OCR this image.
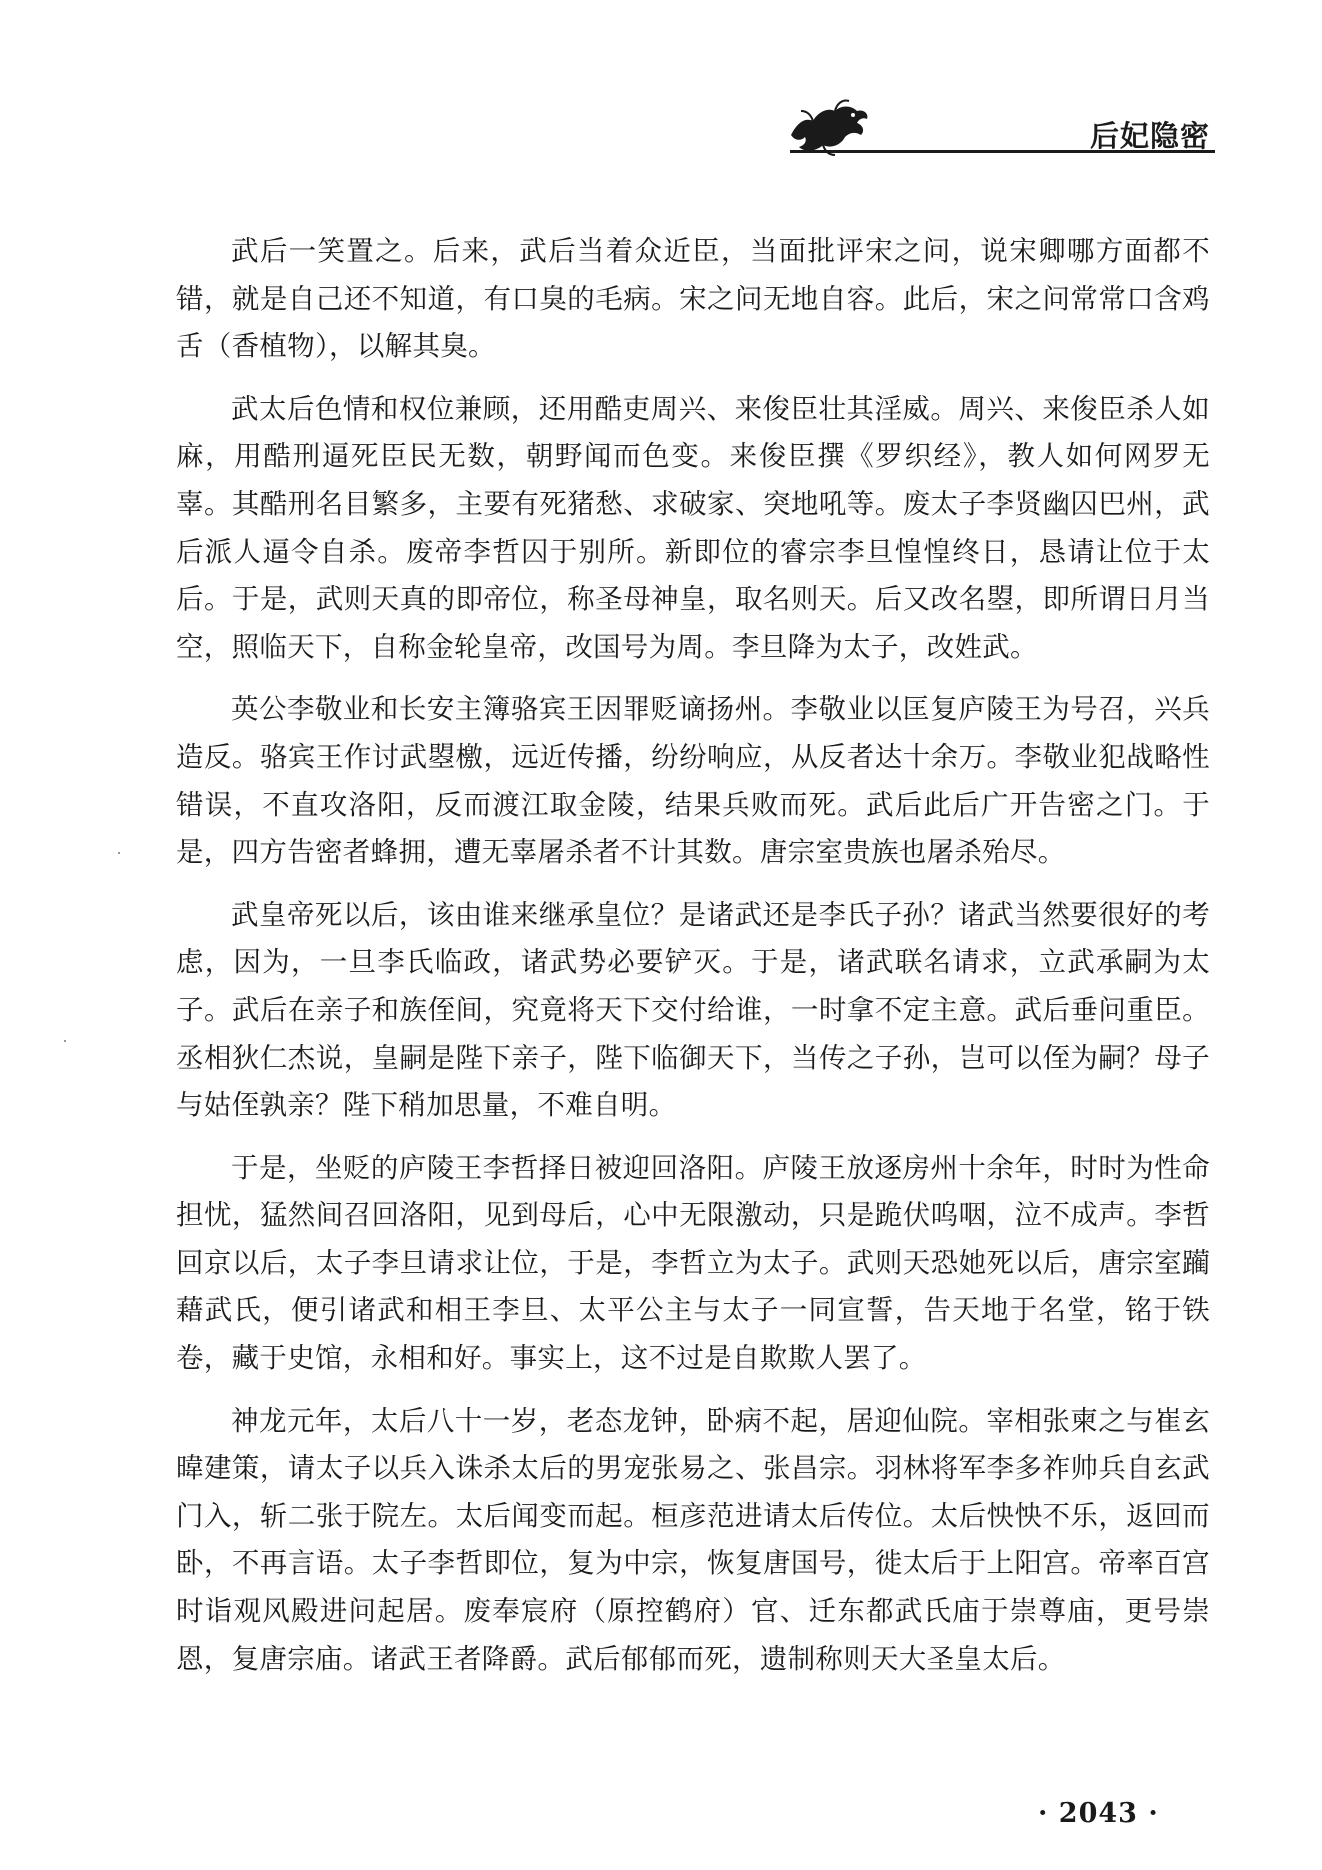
后妃隐密

武后一笑置之。后来，武后当着众近臣，当面批评宋之问，说宋卿哪方面都不错，就是自己还不知道，有口臭的毛病。宋之问无地自容。此后，宋之问常常口含鸡舌（香植物），以解其臭。

武太后色情和权位兼顾，还用酷吏周兴、来俊臣壮其淫威。周兴、来俊臣杀人如麻，用酷刑逼死臣民无数，朝野闻而色变。来俊臣撰《罗织经》，教人如何网罗无辜。其酷刑名目繁多，主要有死猪愁、求破家、突地吼等。废太子李贤幽囚巴州，武后派人逼令自杀。废帝李哲囚于别所。新即位的睿宗李旦惶惶终日，恳请让位于太后。于是，武则天真的即帝位，称圣母神皇，取名则天。后又改名曌，即所谓日月当空，照临天下，自称金轮皇帝，改国号为周。李旦降为太子，改姓武。

英公李敬业和长安主簿骆宾王因罪贬谪扬州。李敬业以匡复庐陵王为号召，兴兵造反。骆宾王作讨武曌檄，远近传播，纷纷响应，从反者达十余万。李敬业犯战略性错误，不直攻洛阳，反而渡江取金陵，结果兵败而死。武后此后广开告密之门。于是，四方告密者蜂拥，遭无辜屠杀者不计其数。唐宗室贵族也屠杀殆尽。

武皇帝死以后，该由谁来继承皇位？是诸武还是李氏子孙？诸武当然要很好的考虑，因为，一旦李氏临政，诸武势必要铲灭。于是，诸武联名请求，立武承嗣为太子。武后在亲子和族侄间，究竟将天下交付给谁，一时拿不定主意。武后垂问重臣。丞相狄仁杰说，皇嗣是陛下亲子，陛下临御天下，当传之子孙，岂可以侄为嗣？母子与姑侄孰亲？陛下稍加思量，不难自明。

于是，坐贬的庐陵王李哲择日被迎回洛阳。庐陵王放逐房州十余年，时时为性命担忧，猛然间召回洛阳，见到母后，心中无限激动，只是跪伏呜咽，泣不成声。李哲回京以后，太子李旦请求让位，于是，李哲立为太子。武则天恐她死以后，唐宗室躏藉武氏，便引诸武和相王李旦、太平公主与太子一同宣誓，告天地于名堂，铭于铁卷，藏于史馆，永相和好。事实上，这不过是自欺欺人罢了。

神龙元年，太后八十一岁，老态龙钟，卧病不起，居迎仙院。宰相张柬之与崔玄暐建策，请太子以兵入诛杀太后的男宠张易之、张昌宗。羽林将军李多祚帅兵自玄武门入，斩二张于院左。太后闻变而起。桓彦范进请太后传位。太后怏怏不乐，返回而卧，不再言语。太子李哲即位，复为中宗，恢复唐国号，徙太后于上阳宫。帝率百宫时诣观风殿进问起居。废奉宸府（原控鹤府）官、迁东都武氏庙于崇尊庙，更号崇恩，复唐宗庙。诸武王者降爵。武后郁郁而死，遗制称则天大圣皇太后。

· 2043 ·
